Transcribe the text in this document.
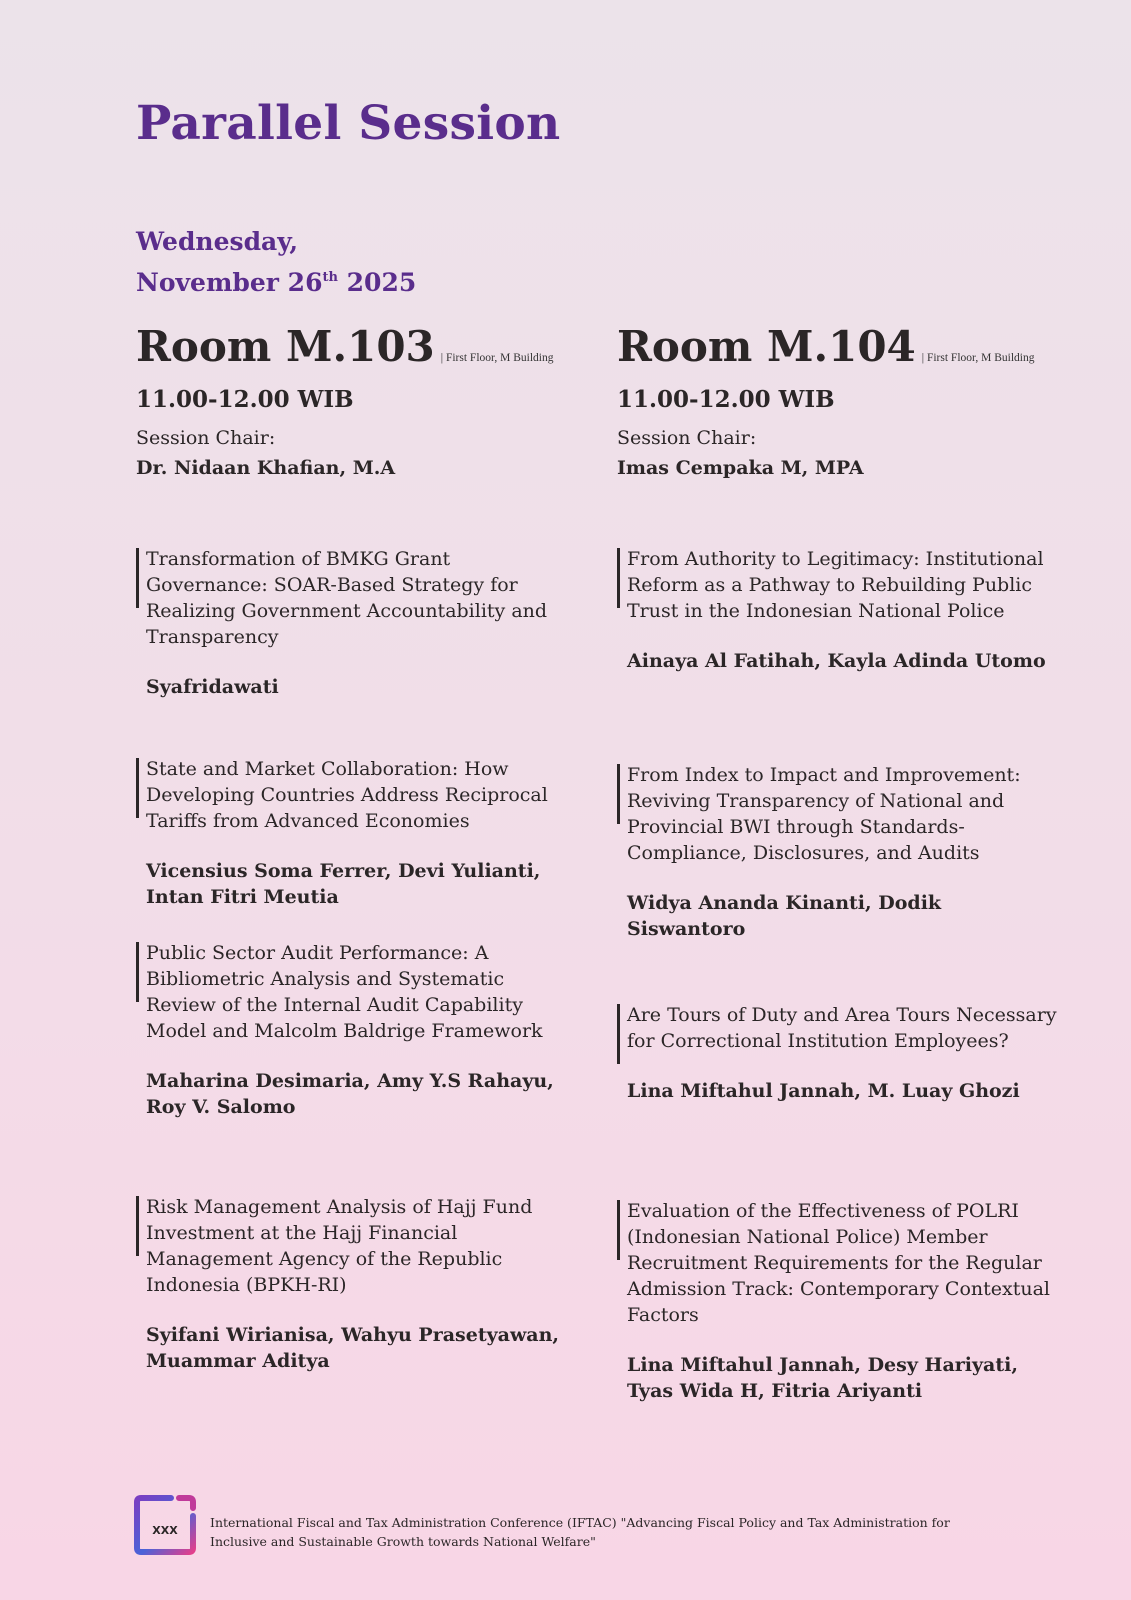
Parallel Session
Wednesday,
November 26th 2025
Room M.103 | First Floor, M Building
11.00-12.00 WIB
Session Chair:
Dr. Nidaan Khafian, M.A
Transformation of BMKG Grant Governance: SOAR-Based Strategy for Realizing Government Accountability and Transparency
Syafridawati
State and Market Collaboration: How Developing Countries Address Reciprocal Tariffs from Advanced Economies
Vicensius Soma Ferrer, Devi Yulianti, Intan Fitri Meutia
Public Sector Audit Performance: A Bibliometric Analysis and Systematic Review of the Internal Audit Capability Model and Malcolm Baldrige Framework
Maharina Desimaria, Amy Y.S Rahayu, Roy V. Salomo
Risk Management Analysis of Hajj Fund Investment at the Hajj Financial Management Agency of the Republic Indonesia (BPKH-RI)
Syifani Wirianisa, Wahyu Prasetyawan, Muammar Aditya
Room M.104 | First Floor, M Building
11.00-12.00 WIB
Session Chair:
Imas Cempaka M, MPA
From Authority to Legitimacy: Institutional Reform as a Pathway to Rebuilding Public Trust in the Indonesian National Police
Ainaya Al Fatihah, Kayla Adinda Utomo
From Index to Impact and Improvement: Reviving Transparency of National and Provincial BWI through Standards-Compliance, Disclosures, and Audits
Widya Ananda Kinanti, Dodik Siswantoro
Are Tours of Duty and Area Tours Necessary for Correctional Institution Employees?
Lina Miftahul Jannah, M. Luay Ghozi
Evaluation of the Effectiveness of POLRI (Indonesian National Police) Member Recruitment Requirements for the Regular Admission Track: Contemporary Contextual Factors
Lina Miftahul Jannah, Desy Hariyati, Tyas Wida H, Fitria Ariyanti
XXX
International Fiscal and Tax Administration Conference (IFTAC) "Advancing Fiscal Policy and Tax Administration for Inclusive and Sustainable Growth towards National Welfare"
